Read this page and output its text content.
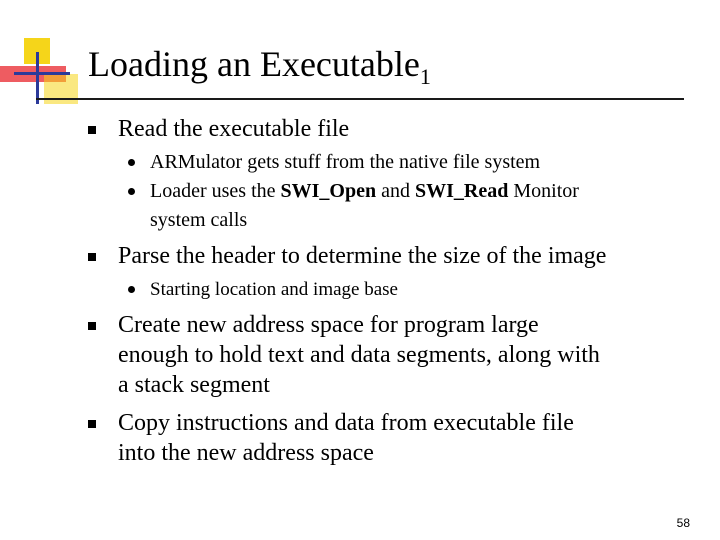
Loading an Executable$_1$
Read the executable file
ARMulator gets stuff from the native file system
Loader uses the SWI_Open and SWI_Read Monitor
system calls
Parse the header to determine the size of the image
Starting location and image base
Create new address space for program large
enough to hold text and data segments, along with
a stack segment
Copy instructions and data from executable file
into the new address space
58
